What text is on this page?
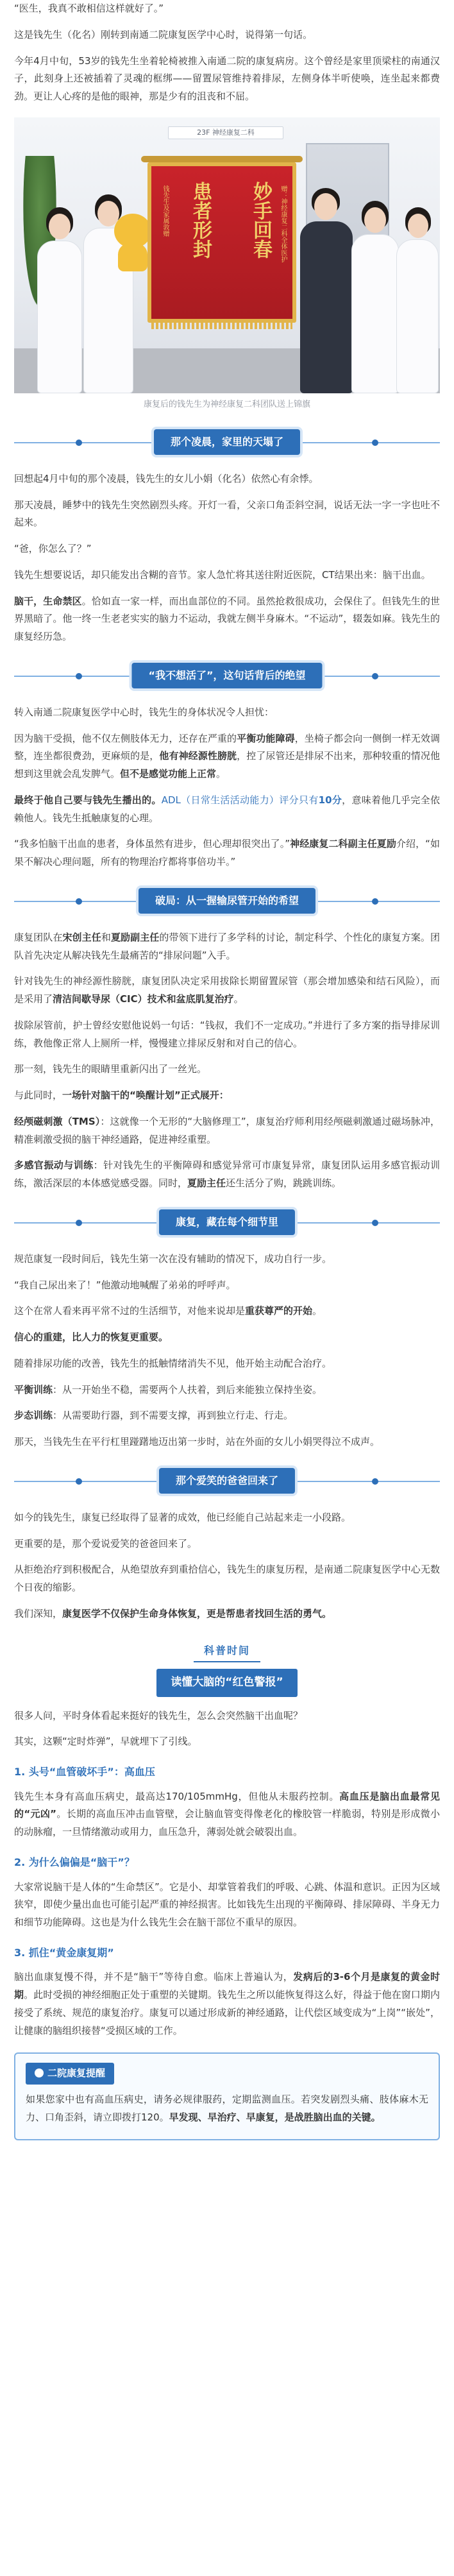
“医生，我真不敢相信这样就好了。”

这是钱先生（化名）刚转到南通二院康复医学中心时，说得第一句话。

今年4月中旬，53岁的钱先生坐着轮椅被推入南通二院的康复病房。这个曾经是家里顶梁柱的南通汉子，此刻身上还被插着了灵魂的框绑——留置尿管维持着排尿，左侧身体半听使唤，连坐起来都费劲。更让人心疼的是他的眼神，那是少有的沮丧和不屈。

23F 神经康复二科
赠：神经康复二科全体医护
妙手回春
患者形封
钱先生及家属敦赠
康复后的钱先生为神经康复二科团队送上锦旗
那个凌晨，家里的天塌了

回想起4月中旬的那个凌晨，钱先生的女儿小娟（化名）依然心有余悸。

那天凌晨，睡梦中的钱先生突然剧烈头疼。开灯一看，父亲口角歪斜空洞，说话无法一字一字也吐不起来。

“爸，你怎么了？”

钱先生想要说话，却只能发出含糊的音节。家人急忙将其送往附近医院，CT结果出来：脑干出血。

脑干，生命禁区。恰如直一家一样，而出血部位的不同。虽然抢救很成功，会保住了。但钱先生的世界黑暗了。他一终一生老老实实的脑力不运动，我就左侧半身麻木。“不运动”，辍轰如麻。钱先生的康复经历急。

“我不想活了”，这句话背后的绝望

转入南通二院康复医学中心时，钱先生的身体状况令人担忧：

因为脑干受损，他不仅左侧肢体无力，还存在严重的平衡功能障碍，坐椅子都会向一侧倒一样无效调整，连坐都很费劲，更麻烦的是，他有神经源性膀胱，控了尿管还是排尿不出来，那种较重的情况他想到这里就会乱发脾气。但不是感觉功能上正常。

最终于他自己要与钱先生播出的。ADL（日常生活活动能力）评分只有10分，意味着他几乎完全依赖他人。钱先生抵触康复的心理。

“我多怕脑干出血的患者，身体虽然有进步，但心理却很突出了。”神经康复二科副主任夏励介绍，“如果不解决心理问题，所有的物理治疗都将事倍功半。”

破局：从一握输尿管开始的希望

康复团队在宋创主任和夏励副主任的带领下进行了多学科的讨论，制定科学、个性化的康复方案。团队首先决定从解决钱先生最痛苦的“排尿问题”入手。

针对钱先生的神经源性膀胱，康复团队决定采用拔除长期留置尿管（那会增加感染和结石风险），而是采用了清洁间歇导尿（CIC）技术和盆底肌复治疗。

拔除尿管前，护士曾经安慰他说妈一句话：“钱叔，我们不一定成功。”并进行了多方案的指导排尿训练，教他像正常人上厕所一样，慢慢建立排尿反射和对自己的信心。

那一刻，钱先生的眼睛里重新闪出了一丝光。

与此同时，一场针对脑干的“唤醒计划”正式展开：

经颅磁刺激（TMS）：这就像一个无形的“大脑修理工”，康复治疗师利用经颅磁刺激通过磁场脉冲，精准刺激受损的脑干神经通路，促进神经重塑。

多感官振动与训练：针对钱先生的平衡障碍和感觉异常可市康复异常，康复团队运用多感官振动训练，激活深层的本体感觉感受器。同时，夏励主任还生活分了购，跳跳训练。

康复，藏在每个细节里

规范康复一段时间后，钱先生第一次在没有辅助的情况下，成功自行一步。

“我自己尿出来了！”他激动地喊醒了弟弟的呼呼声。

这个在常人看来再平常不过的生活细节，对他来说却是重获尊严的开始。

信心的重建，比人力的恢复更重要。

随着排尿功能的改善，钱先生的抵触情绪消失不见，他开始主动配合治疗。

平衡训练：从一开始坐不稳，需要两个人扶着，到后来能独立保持坐姿。

步态训练：从需要助行器，到不需要支撑，再到独立行走、行走。

那天，当钱先生在平行杠里踫躇地迈出第一步时，站在外面的女儿小娟哭得泣不成声。

那个爱笑的爸爸回来了

如今的钱先生，康复已经取得了显著的成效，他已经能自己站起来走一小段路。

更重要的是，那个爱说爱笑的爸爸回来了。

从拒绝治疗到积极配合，从绝望放弃到重拾信心，钱先生的康复历程，是南通二院康复医学中心无数个日夜的缩影。

我们深知，康复医学不仅保护生命身体恢复，更是帮患者找回生活的勇气。

科普时间
读懂大脑的“红色警报”

很多人问，平时身体看起来挺好的钱先生，怎么会突然脑干出血呢？

其实，这颗“定时炸弹”，早就埋下了引线。

1. 头号“血管破坏手”：高血压

钱先生本身有高血压病史，最高达170/105mmHg，但他从未服药控制。高血压是脑出血最常见的“元凶”。长期的高血压冲击血管壁，会让脑血管变得像老化的橡胶管一样脆弱，特别是形成微小的动脉瘤，一旦情绪激动或用力，血压急升，薄弱处就会破裂出血。

2. 为什么偏偏是“脑干”？

大家常说脑干是人体的“生命禁区”。它是小、却掌管着我们的呼吸、心跳、体温和意识。正因为区域狭窄，即使少量出血也可能引起严重的神经损害。比如钱先生出现的平衡障碍、排尿障碍、半身无力和细节功能障碍。这也是为什么钱先生会在脑干部位不重早的原因。

3. 抓住“黄金康复期”

脑出血康复慢不得，并不是“脑干”等待自愈。临床上普遍认为，发病后的3-6个月是康复的黄金时期。此时受损的神经细胞正处于重塑的关键期。钱先生之所以能恢复得这么好，得益于他在窗口期内接受了系统、规范的康复治疗。康复可以通过形成新的神经通路，让代偿区域变成为“上岗”“嵌处”，让健康的脑组织接替“受损区域的工作。

二院康复提醒

如果您家中也有高血压病史，请务必规律服药，定期监测血压。若突发剧烈头痛、肢体麻木无力、口角歪斜，请立即拨打120。早发现、早治疗、早康复，是战胜脑出血的关键。
